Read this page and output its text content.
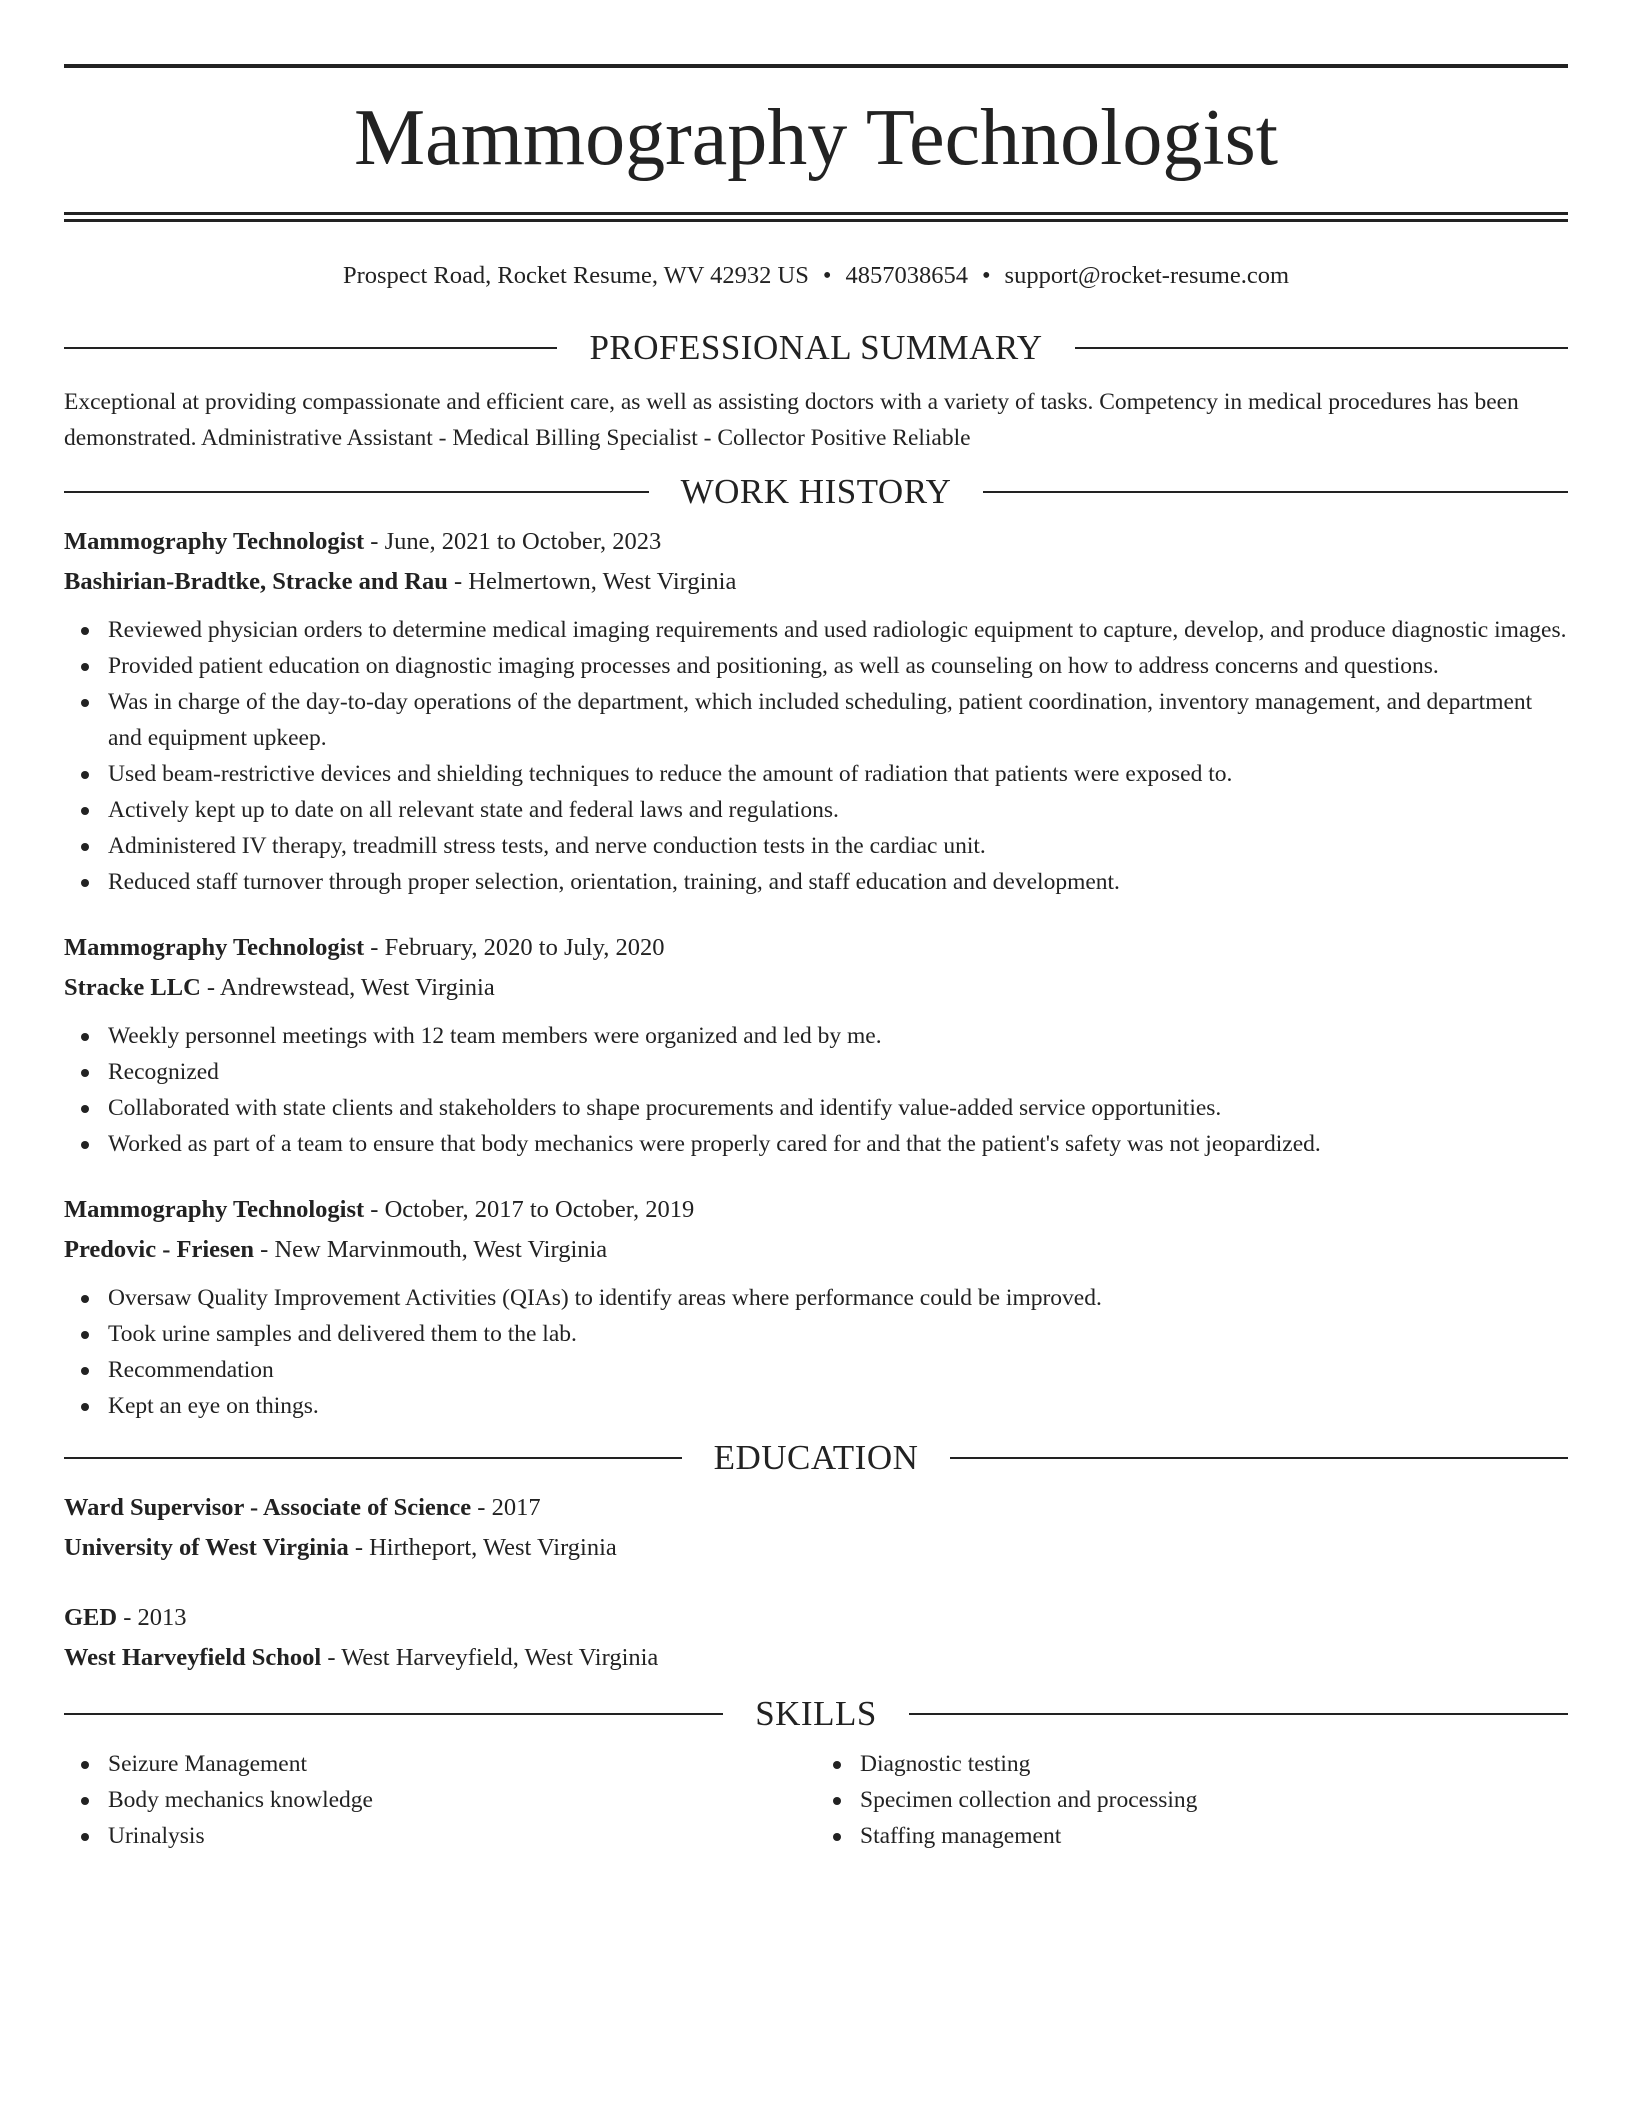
Mammography Technologist
Prospect Road, Rocket Resume, WV 42932 US • 4857038654 • support@rocket-resume.com
PROFESSIONAL SUMMARY

Exceptional at providing compassionate and efficient care, as well as assisting doctors with a variety of tasks. Competency in medical procedures has been demonstrated. Administrative Assistant - Medical Billing Specialist - Collector Positive Reliable

WORK HISTORY

Mammography Technologist - June, 2021 to October, 2023

Bashirian-Bradtke, Stracke and Rau - Helmertown, West Virginia

Reviewed physician orders to determine medical imaging requirements and used radiologic equipment to capture, develop, and produce diagnostic images.
Provided patient education on diagnostic imaging processes and positioning, as well as counseling on how to address concerns and questions.
Was in charge of the day-to-day operations of the department, which included scheduling, patient coordination, inventory management, and department and equipment upkeep.
Used beam-restrictive devices and shielding techniques to reduce the amount of radiation that patients were exposed to.
Actively kept up to date on all relevant state and federal laws and regulations.
Administered IV therapy, treadmill stress tests, and nerve conduction tests in the cardiac unit.
Reduced staff turnover through proper selection, orientation, training, and staff education and development.

Mammography Technologist - February, 2020 to July, 2020

Stracke LLC - Andrewstead, West Virginia

Weekly personnel meetings with 12 team members were organized and led by me.
Recognized
Collaborated with state clients and stakeholders to shape procurements and identify value-added service opportunities.
Worked as part of a team to ensure that body mechanics were properly cared for and that the patient's safety was not jeopardized.

Mammography Technologist - October, 2017 to October, 2019

Predovic - Friesen - New Marvinmouth, West Virginia

Oversaw Quality Improvement Activities (QIAs) to identify areas where performance could be improved.
Took urine samples and delivered them to the lab.
Recommendation
Kept an eye on things.
EDUCATION

Ward Supervisor - Associate of Science - 2017

University of West Virginia - Hirtheport, West Virginia

GED - 2013

West Harveyfield School - West Harveyfield, West Virginia

SKILLS
Seizure Management
Body mechanics knowledge
Urinalysis
Diagnostic testing
Specimen collection and processing
Staffing management
